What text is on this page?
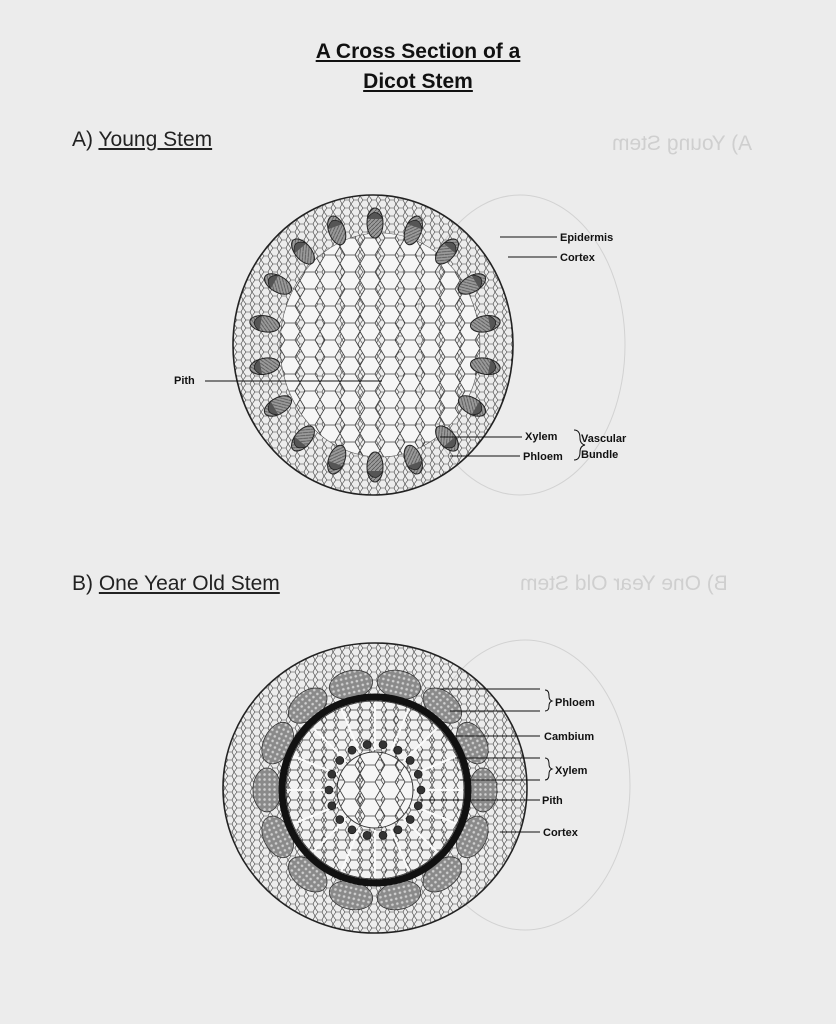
A) Young Stem
B) One Year Old Stem
A Cross Section of a
Dicot Stem
A) Young Stem
B) One Year Old Stem
Epidermis
Cortex
Pith
Xylem
Phloem
Vascular
Bundle
Phloem
Cambium
Xylem
Pith
Cortex
